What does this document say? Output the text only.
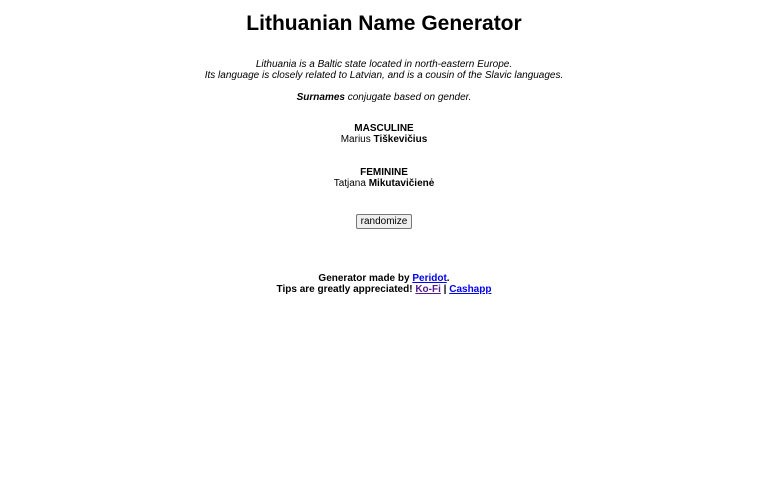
Lithuanian Name Generator
Lithuania is a Baltic state located in north-eastern Europe.
Its language is closely related to Latvian, and is a cousin of the Slavic languages.
Surnames conjugate based on gender.
MASCULINE
Marius Tiškevičius
FEMININE
Tatjana Mikutavičienė
randomize
Generator made by Peridot.
Tips are greatly appreciated! Ko-Fi | Cashapp
